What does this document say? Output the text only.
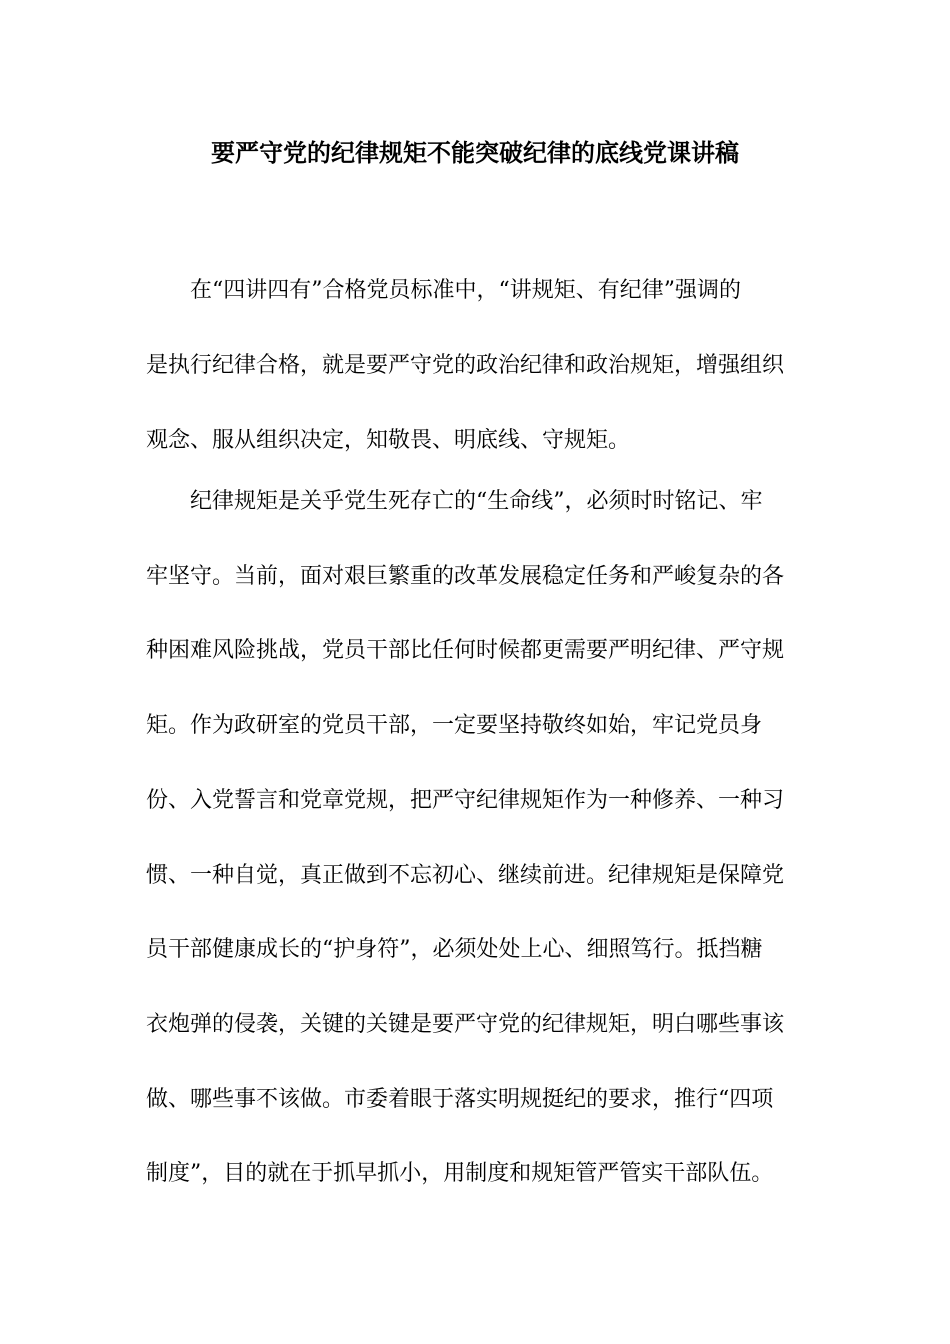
要严守党的纪律规矩不能突破纪律的底线党课讲稿
在“四讲四有”合格党员标准中，“讲规矩、有纪律”强调的
是执行纪律合格，就是要严守党的政治纪律和政治规矩，增强组织
观念、服从组织决定，知敬畏、明底线、守规矩。
纪律规矩是关乎党生死存亡的“生命线”，必须时时铭记、牢
牢坚守。当前，面对艰巨繁重的改革发展稳定任务和严峻复杂的各
种困难风险挑战，党员干部比任何时候都更需要严明纪律、严守规
矩。作为政研室的党员干部，一定要坚持敬终如始，牢记党员身
份、入党誓言和党章党规，把严守纪律规矩作为一种修养、一种习
惯、一种自觉，真正做到不忘初心、继续前进。纪律规矩是保障党
员干部健康成长的“护身符”，必须处处上心、细照笃行。抵挡糖
衣炮弹的侵袭，关键的关键是要严守党的纪律规矩，明白哪些事该
做、哪些事不该做。市委着眼于落实明规挺纪的要求，推行“四项
制度”，目的就在于抓早抓小，用制度和规矩管严管实干部队伍。
